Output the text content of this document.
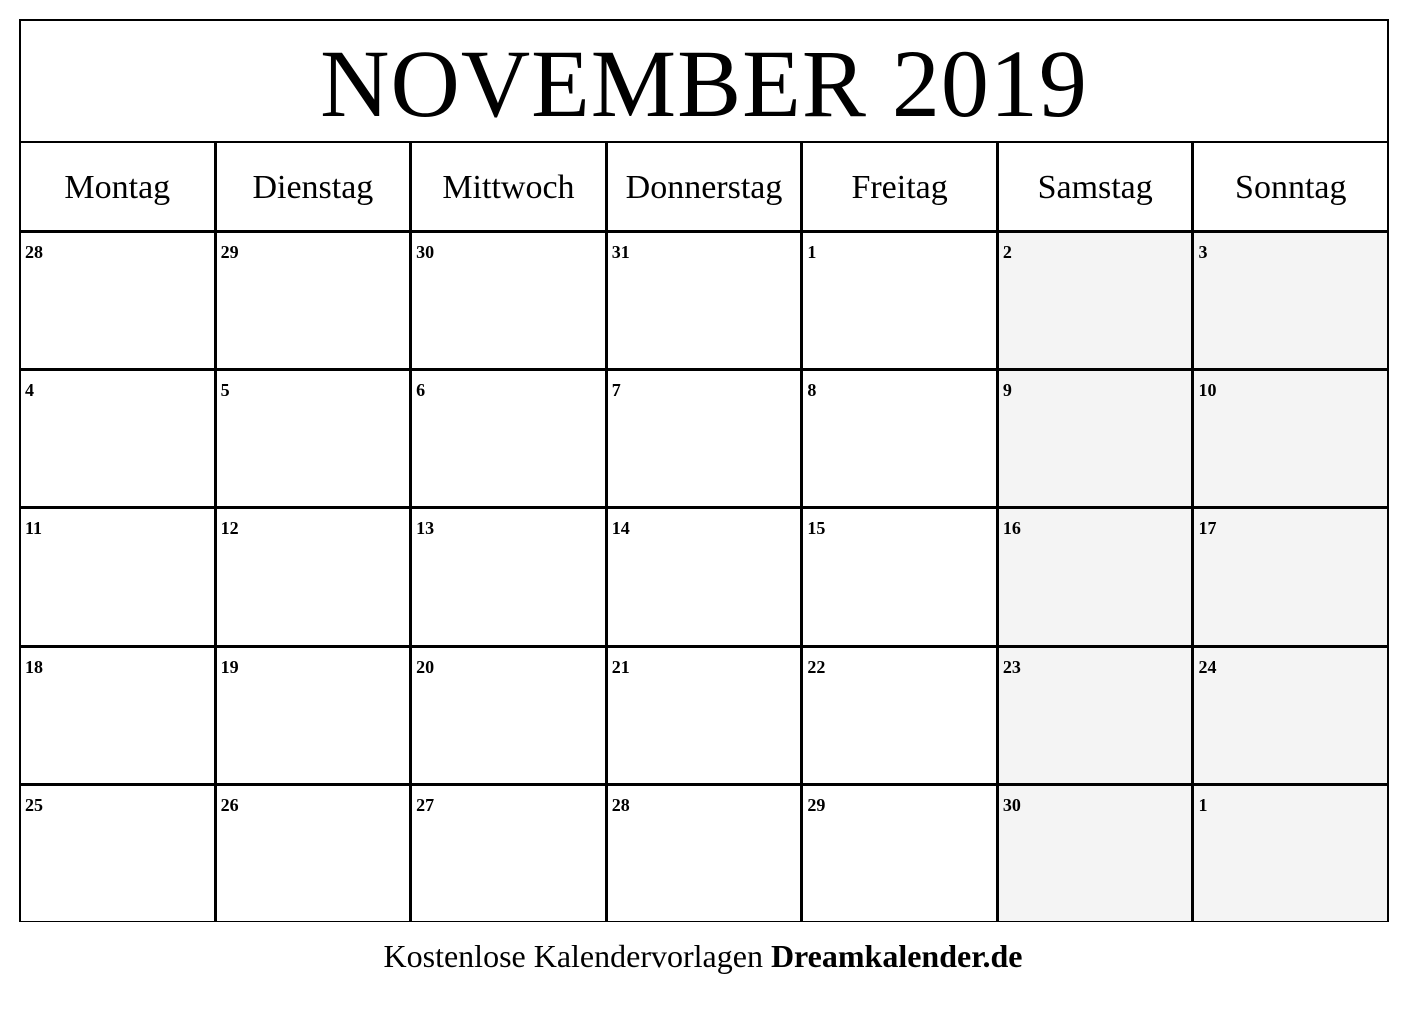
NOVEMBER 2019
Montag	Dienstag	Mittwoch	Donnerstag	Freitag	Samstag	Sonntag
28	29	30	31	1	2	3
4	5	6	7	8	9	10
11	12	13	14	15	16	17
18	19	20	21	22	23	24
25	26	27	28	29	30	1
Kostenlose Kalendervorlagen Dreamkalender.de
